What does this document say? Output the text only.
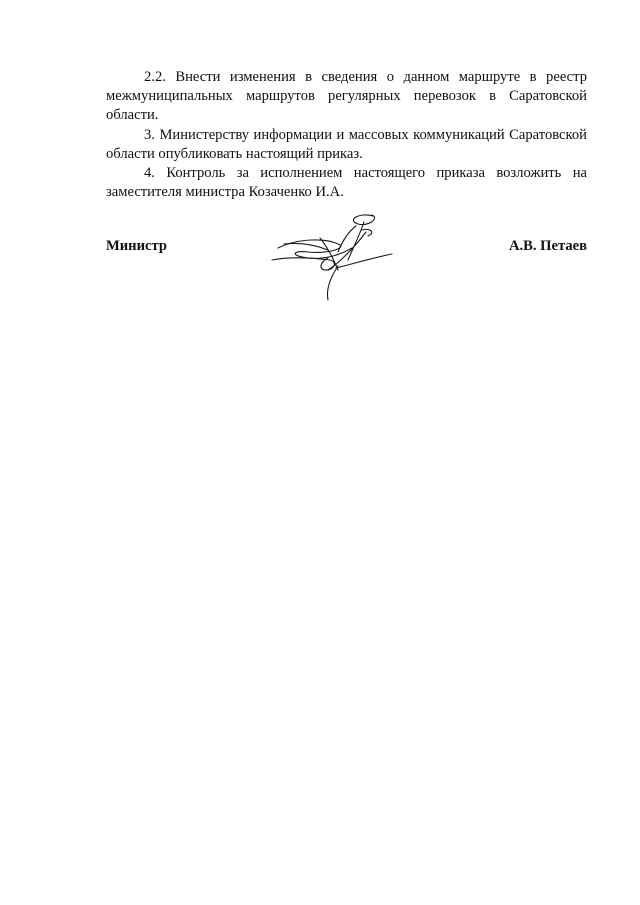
2.2. Внести изменения в сведения о данном маршруте в реестр межмуниципальных маршрутов регулярных перевозок в Саратовской области.

3. Министерству информации и массовых коммуникаций Саратовской области опубликовать настоящий приказ.

4. Контроль за исполнением настоящего приказа возложить на заместителя министра Козаченко И.А.

Министр	А.В. Петаев
